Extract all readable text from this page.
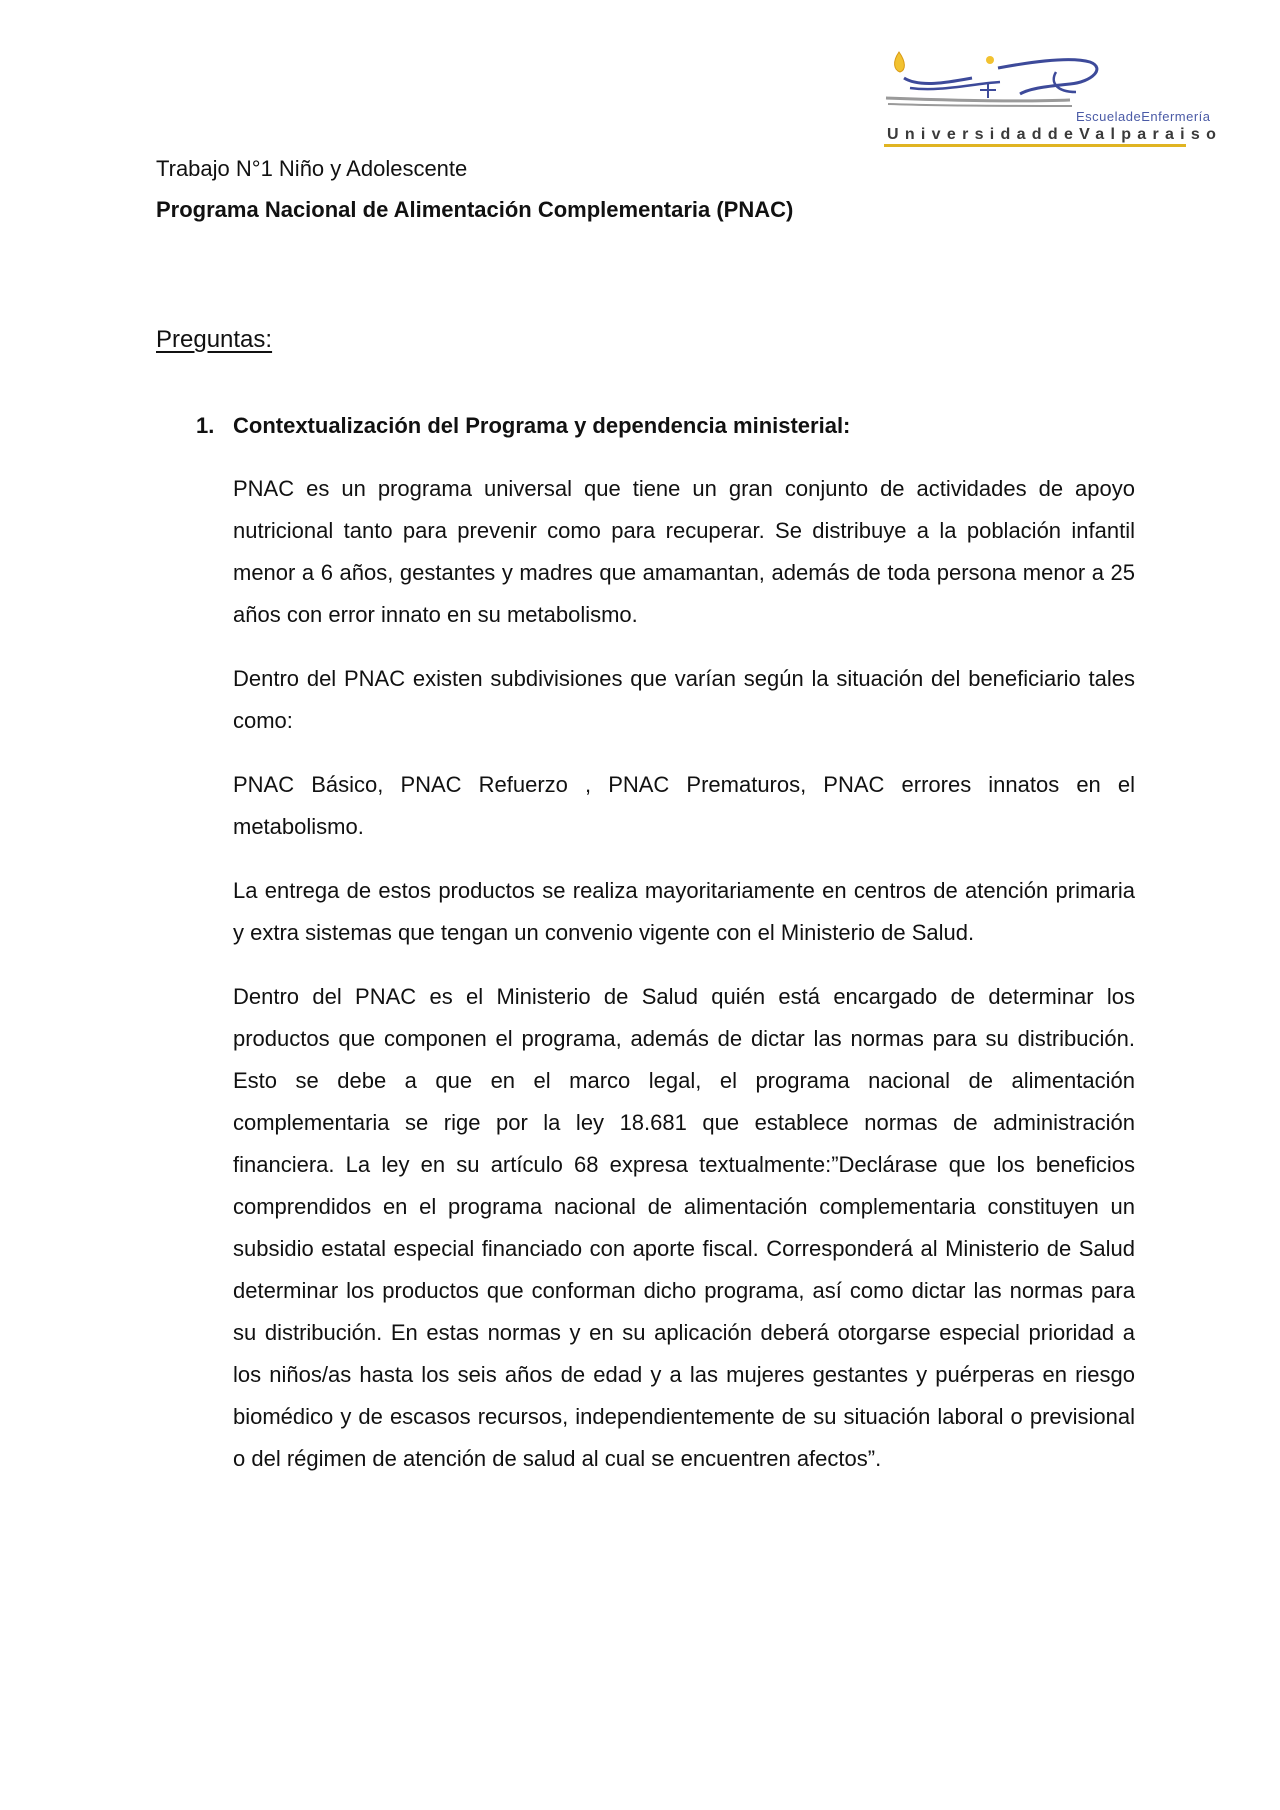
EscueladeEnfermería
UniversidaddeValparaiso
Trabajo N°1 Niño y Adolescente
Programa Nacional de Alimentación Complementaria (PNAC)
Preguntas:
1. Contextualización del Programa y dependencia ministerial:

PNAC es un programa universal que tiene un gran conjunto de actividades de apoyo nutricional tanto para prevenir como para recuperar. Se distribuye a la población infantil menor a 6 años, gestantes y madres que amamantan, además de toda persona menor a 25 años con error innato en su metabolismo.

Dentro del PNAC existen subdivisiones que varían según la situación del beneficiario tales como:

PNAC Básico, PNAC Refuerzo , PNAC Prematuros, PNAC errores innatos en el metabolismo.

La entrega de estos productos se realiza mayoritariamente en centros de atención primaria y extra sistemas que tengan un convenio vigente con el Ministerio de Salud.

Dentro del PNAC es el Ministerio de Salud quién está encargado de determinar los productos que componen el programa, además de dictar las normas para su distribución. Esto se debe a que en el marco legal, el programa nacional de alimentación complementaria se rige por la ley 18.681 que establece normas de administración financiera. La ley en su artículo 68 expresa textualmente:”Declárase que los beneficios comprendidos en el programa nacional de alimentación complementaria constituyen un subsidio estatal especial financiado con aporte fiscal. Corresponderá al Ministerio de Salud determinar los productos que conforman dicho programa, así como dictar las normas para su distribución. En estas normas y en su aplicación deberá otorgarse especial prioridad a los niños/as hasta los seis años de edad y a las mujeres gestantes y puérperas en riesgo biomédico y de escasos recursos, independientemente de su situación laboral o previsional o del régimen de atención de salud al cual se encuentren afectos”.
